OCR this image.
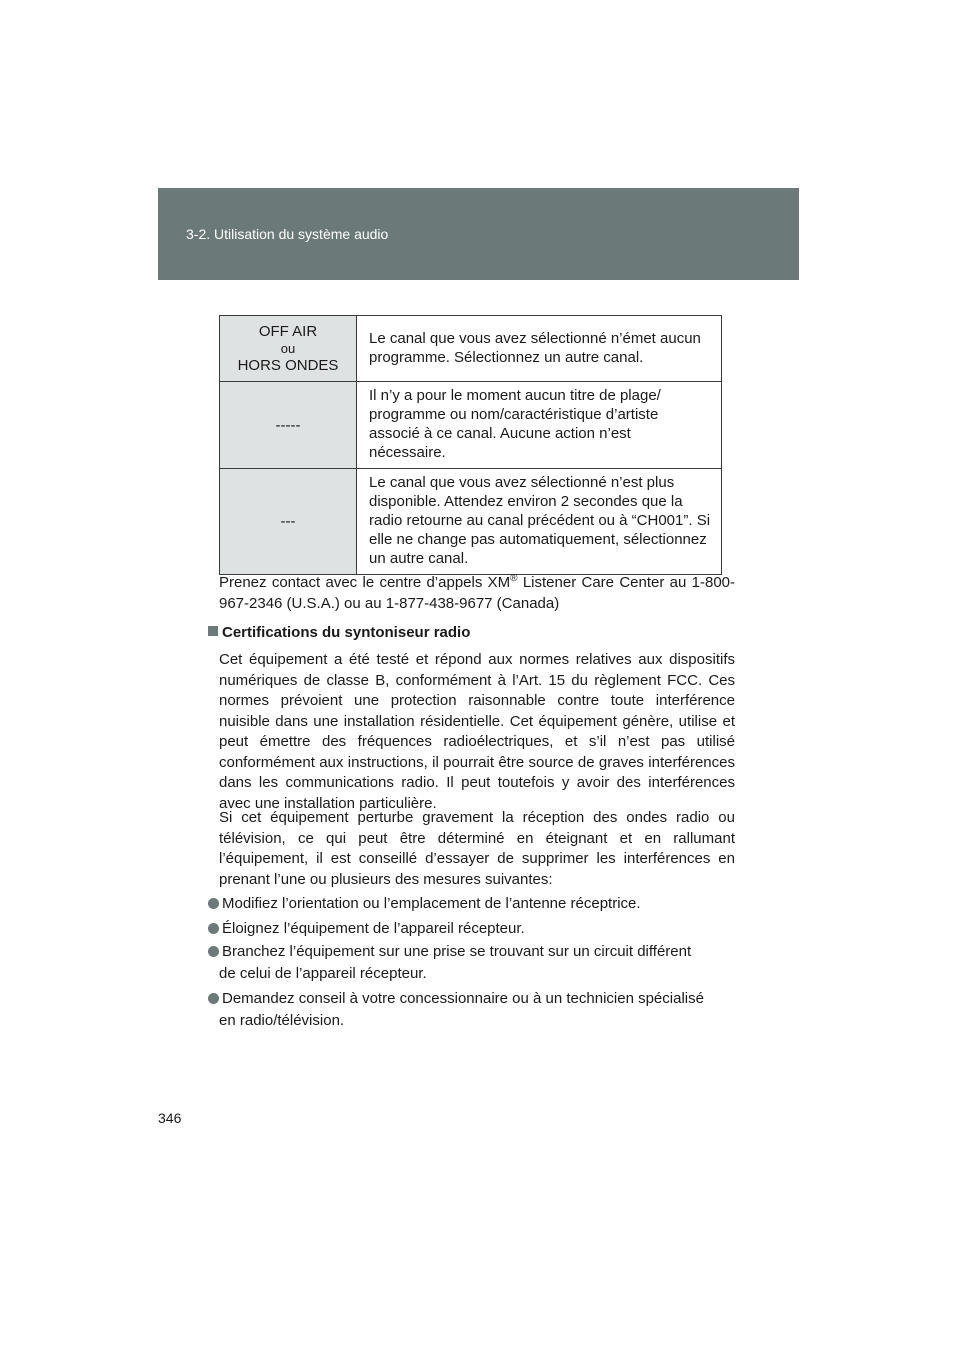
3-2. Utilisation du système audio
OFF AIR
ou
HORS ONDES	Le canal que vous avez sélectionné n’émet aucun programme. Sélectionnez un autre canal.
-----	Il n’y a pour le moment aucun titre de plage/ programme ou nom/caractéristique d’artiste associé à ce canal. Aucune action n’est nécessaire.
---	Le canal que vous avez sélectionné n’est plus disponible. Attendez environ 2 secondes que la radio retourne au canal précédent ou à “CH001”. Si elle ne change pas automatiquement, sélectionnez un autre canal.
Prenez contact avec le centre d’appels XM® Listener Care Center au 1-800-967-2346 (U.S.A.) ou au 1-877-438-9677 (Canada)
Certifications du syntoniseur radio
Cet équipement a été testé et répond aux normes relatives aux dispositifs numériques de classe B, conformément à l’Art. 15 du règlement FCC. Ces normes prévoient une protection raisonnable contre toute interférence nuisible dans une installation résidentielle. Cet équipement génère, utilise et peut émettre des fréquences radioélectriques, et s’il n’est pas utilisé conformément aux instructions, il pourrait être source de graves interférences dans les communications radio. Il peut toutefois y avoir des interférences avec une installation particulière.
Si cet équipement perturbe gravement la réception des ondes radio ou télévision, ce qui peut être déterminé en éteignant et en rallumant l’équipement, il est conseillé d’essayer de supprimer les interférences en prenant l’une ou plusieurs des mesures suivantes:
Modifiez l’orientation ou l’emplacement de l’antenne réceptrice.
Éloignez l’équipement de l’appareil récepteur.
Branchez l’équipement sur une prise se trouvant sur un circuit différent
de celui de l’appareil récepteur.
Demandez conseil à votre concessionnaire ou à un technicien spécialisé
en radio/télévision.
346
